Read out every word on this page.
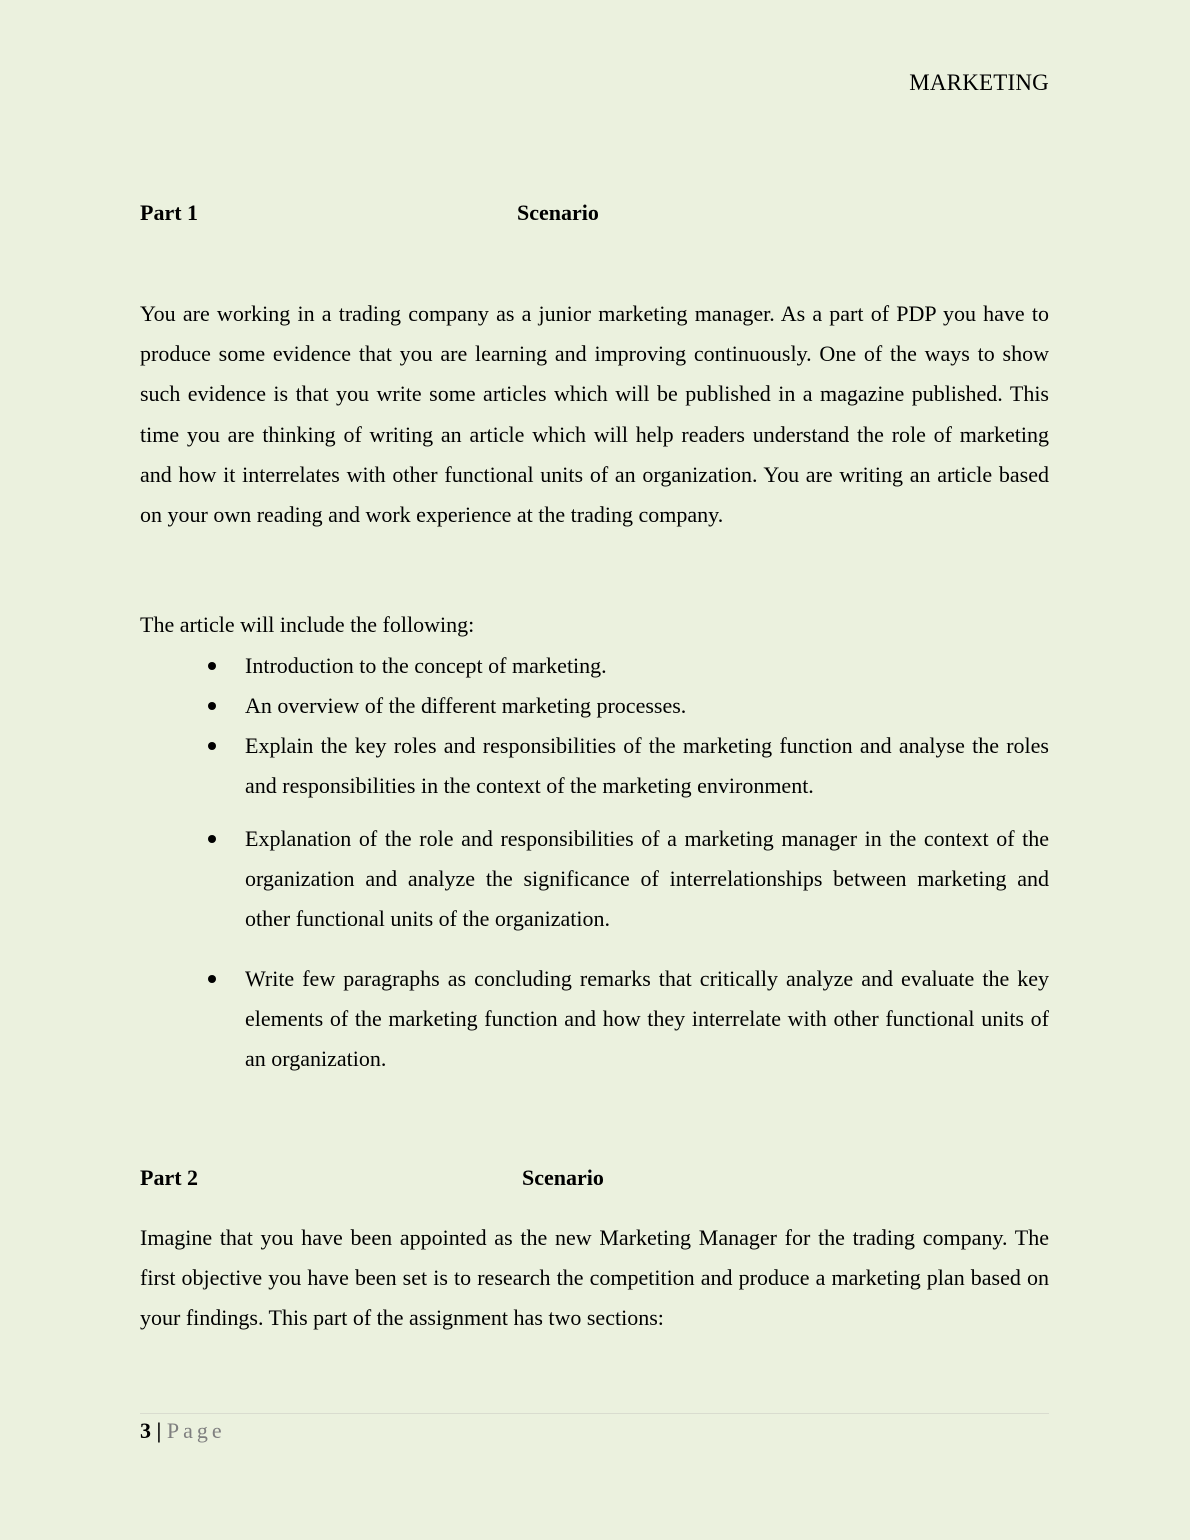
MARKETING
Part 1	Scenario
You are working in a trading company as a junior marketing manager. As a part of PDP you have to produce some evidence that you are learning and improving continuously. One of the ways to show such evidence is that you write some articles which will be published in a magazine published. This time you are thinking of writing an article which will help readers understand the role of marketing and how it interrelates with other functional units of an organization. You are writing an article based on your own reading and work experience at the trading company.
The article will include the following:
Introduction to the concept of marketing.
An overview of the different marketing processes.
Explain the key roles and responsibilities of the marketing function and analyse the roles and responsibilities in the context of the marketing environment.
Explanation of the role and responsibilities of a marketing manager in the context of the organization and analyze the significance of interrelationships between marketing and other functional units of the organization.
Write few paragraphs as concluding remarks that critically analyze and evaluate the key elements of the marketing function and how they interrelate with other functional units of an organization.
Part 2	Scenario
Imagine that you have been appointed as the new Marketing Manager for the trading company. The first objective you have been set is to research the competition and produce a marketing plan based on your findings. This part of the assignment has two sections:
3 | Page
